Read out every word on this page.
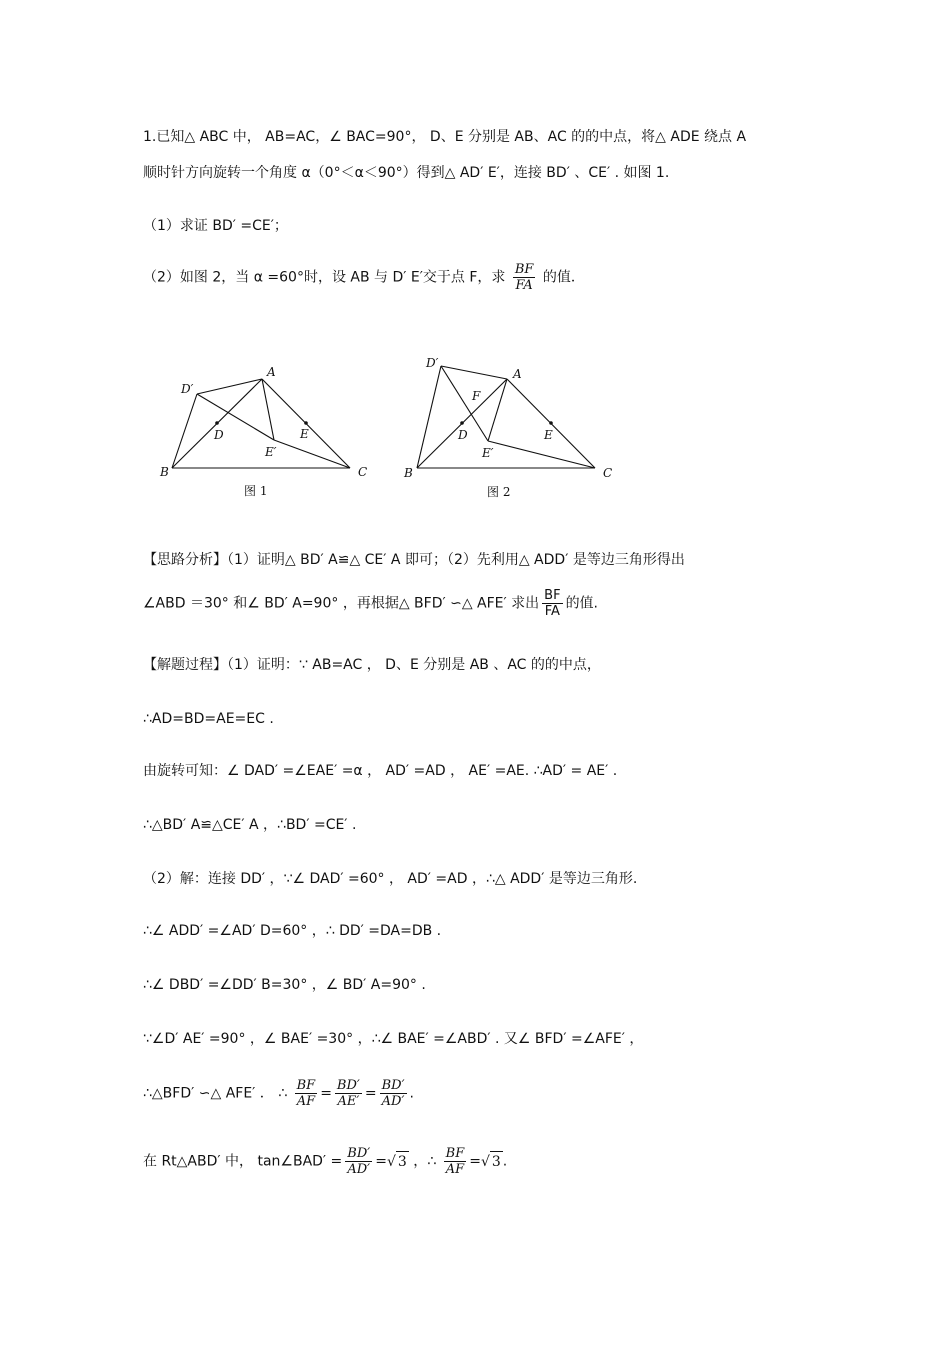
1.已知△ ABC 中， AB=AC，∠ BAC=90°， D、E 分别是 AB、AC 的的中点，将△ ADE 绕点 A
顺时针方向旋转一个角度 α（0°＜α＜90°）得到△ AD′ E′，连接 BD′ 、CE′ . 如图 1.
（1）求证 BD′ =CE′；
（2）如图 2，当 α =60°时，设 AB 与 D′ E′交于点 F，求 $\frac{BF}{FA}$ 的值．
A
B	C
D	E
D′
E′
图 1
A
B	C
D	E
F
D′
E′
图 2
【思路分析】（1）证明△ BD′ A≌△ CE′ A 即可；（2）先利用△ ADD′ 是等边三角形得出
∠ABD ＝30° 和∠ BD′ A=90° ，再根据△ BFD′ ∽△ AFE′ 求出 $\frac{BF}{FA}$ 的值.
【解题过程】（1）证明：∵ AB=AC ， D、E 分别是 AB 、AC 的的中点，
∴AD=BD=AE=EC .
由旋转可知：∠ DAD′ =∠EAE′ =α ， AD′ =AD ， AE′ =AE. ∴AD′ = AE′ .
∴△BD′ A≌△CE′ A ，∴BD′ =CE′ .
（2）解：连接 DD′ ，∵∠ DAD′ =60° ， AD′ =AD ，∴△ ADD′ 是等边三角形.
∴∠ ADD′ =∠AD′ D=60° ，∴ DD′ =DA=DB .
∴∠ DBD′ =∠DD′ B=30° ，∠ BD′ A=90° .
∵∠D′ AE′ =90° ，∠ BAE′ =30° ，∴∠ BAE′ =∠ABD′ . 又∠ BFD′ =∠AFE′ ，
∴△BFD′ ∽△ AFE′ ． ∴ $\frac{BF}{AF} = \frac{BD'}{AE'} = \frac{BD'}{AD'}$ .
在 Rt△ABD′ 中， tan∠BAD′ = $\frac{BD'}{AD'}$ =√ 3 ，∴ $\frac{BF}{AF}$ =√ 3 .
